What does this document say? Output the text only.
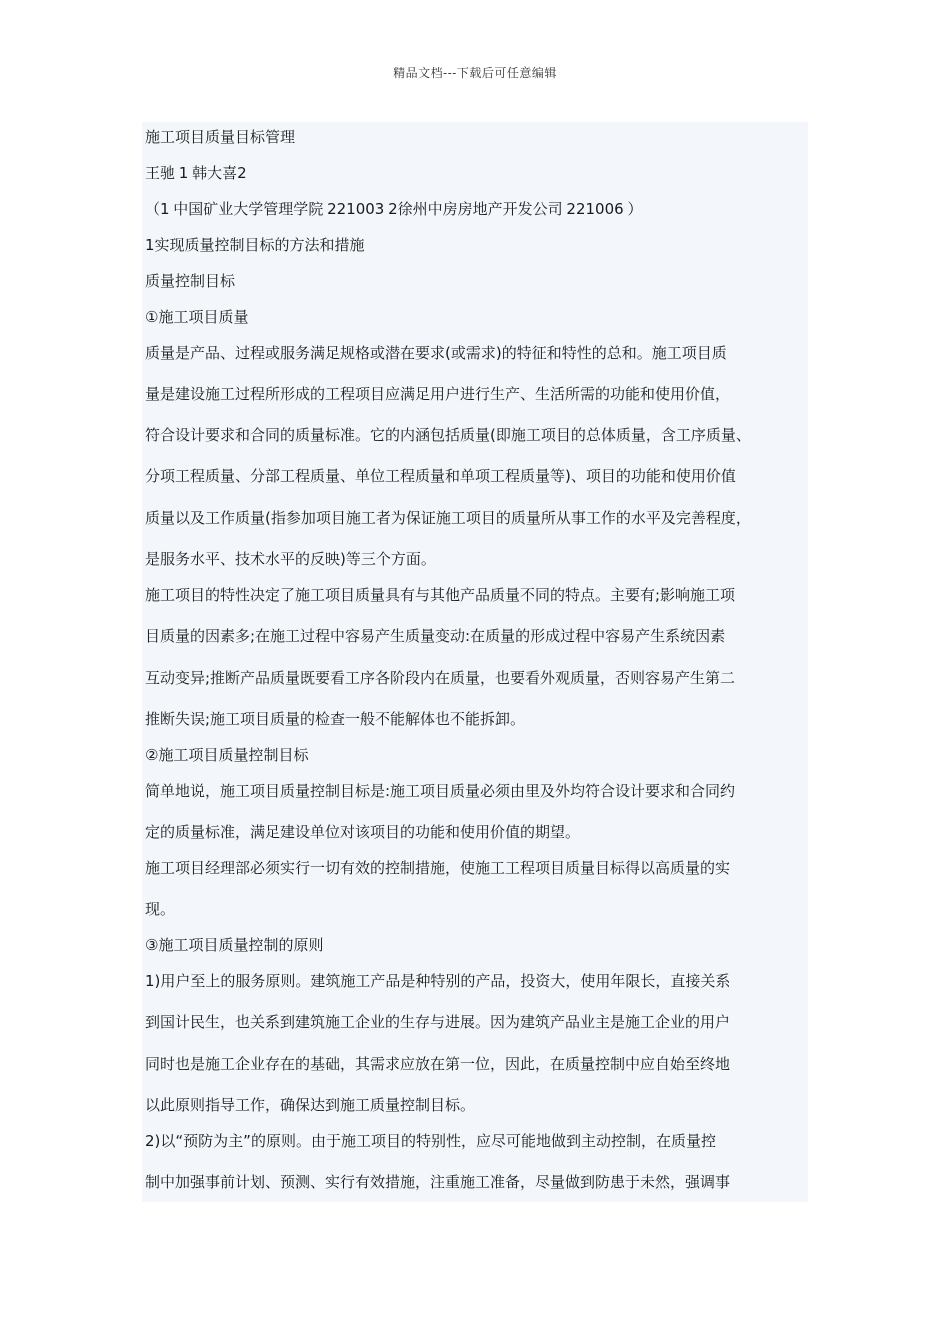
精品文档---下载后可任意编辑
施工项目质量目标管理
王驰 1 韩大喜2
（1 中国矿业大学管理学院 221003 2徐州中房房地产开发公司 221006 ）
1实现质量控制目标的方法和措施
质量控制目标
①施工项目质量
质量是产品、过程或服务满足规格或潜在要求(或需求)的特征和特性的总和。施工项目质
量是建设施工过程所形成的工程项目应满足用户进行生产、生活所需的功能和使用价值，
符合设计要求和合同的质量标准。它的内涵包括质量(即施工项目的总体质量，含工序质量、
分项工程质量、分部工程质量、单位工程质量和单项工程质量等)、项目的功能和使用价值
质量以及工作质量(指参加项目施工者为保证施工项目的质量所从事工作的水平及完善程度，
是服务水平、技术水平的反映)等三个方面。
施工项目的特性决定了施工项目质量具有与其他产品质量不同的特点。主要有;影响施工项
目质量的因素多;在施工过程中容易产生质量变动:在质量的形成过程中容易产生系统因素
互动变异;推断产品质量既要看工序各阶段内在质量，也要看外观质量，否则容易产生第二
推断失误;施工项目质量的检查一般不能解体也不能拆卸。
②施工项目质量控制目标
简单地说，施工项目质量控制目标是:施工项目质量必须由里及外均符合设计要求和合同约
定的质量标准，满足建设单位对该项目的功能和使用价值的期望。
施工项目经理部必须实行一切有效的控制措施，使施工工程项目质量目标得以高质量的实
现。
③施工项目质量控制的原则
1)用户至上的服务原则。建筑施工产品是种特别的产品，投资大，使用年限长，直接关系
到国计民生，也关系到建筑施工企业的生存与进展。因为建筑产品业主是施工企业的用户
同时也是施工企业存在的基础，其需求应放在第一位，因此，在质量控制中应自始至终地
以此原则指导工作，确保达到施工质量控制目标。
2)以“预防为主”的原则。由于施工项目的特别性，应尽可能地做到主动控制，在质量控
制中加强事前计划、预测、实行有效措施，注重施工准备，尽量做到防患于未然，强调事
